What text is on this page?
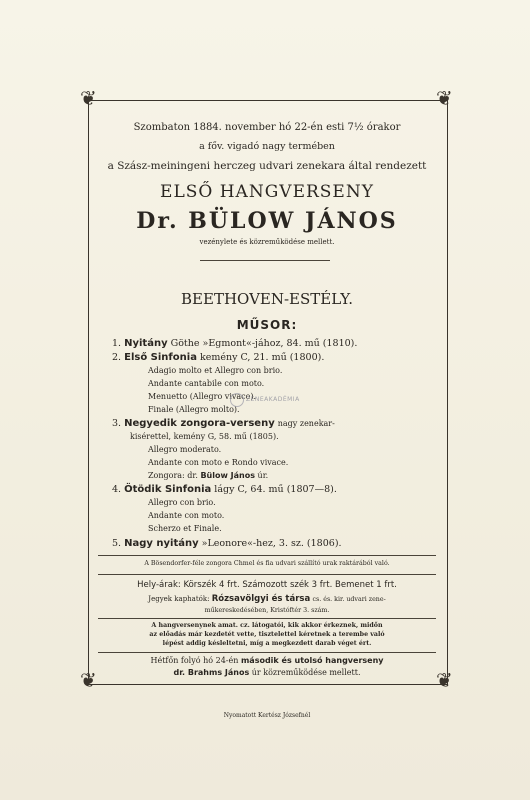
❦	❦
❦	❦
Szombaton 1884. november hó 22-én esti 7½ órakor
a főv. vigadó nagy termében
a Szász-meiningeni herczeg udvari zenekara által rendezett
ELSŐ HANGVERSENY
Dr. BÜLOW JÁNOS
vezénylete és közreműködése mellett.
BEETHOVEN-ESTÉLY.
MŰSOR:
1. Nyitány Göthe »Egmont«-jához, 84. mű (1810).
2. Első Sinfonia kemény C, 21. mű (1800).
Adagio molto et Allegro con brio.
Andante cantabile con moto.
Menuetto (Allegro vivace).
Finale (Allegro molto).
ZENEAKADÉMIA
3. Negyedik zongora-verseny nagy zenekar-
kisérettel, kemény G, 58. mű (1805).
Allegro moderato.
Andante con moto e Rondo vivace.
Zongora: dr. Bülow János úr.
4. Ötödik Sinfonia lágy C, 64. mű (1807—8).
Allegro con brio.
Andante con moto.
Scherzo et Finale.
5. Nagy nyitány »Leonore«-hez, 3. sz. (1806).
A Bösendorfer-féle zongora Chmel és fia udvari szállító urak raktárából való.
Hely-árak: Körszék 4 frt. Számozott szék 3 frt. Bemenet 1 frt.
Jegyek kaphatók: Rózsavölgyi és társa cs. és. kir. udvari zene-
műkereskedésében, Kristóftér 3. szám.
A hangversenynek amat. cz. látogatói, kik akkor érkeznek, midőn
az előadás már kezdetét vette, tisztelettel kéretnek a terembe való
lépést addig késleltetni, míg a megkezdett darab véget ért.
Hétfőn folyó hó 24-én második és utolsó hangverseny
dr. Brahms János úr közreműködése mellett.
Nyomatott Kertész Józsefnél
